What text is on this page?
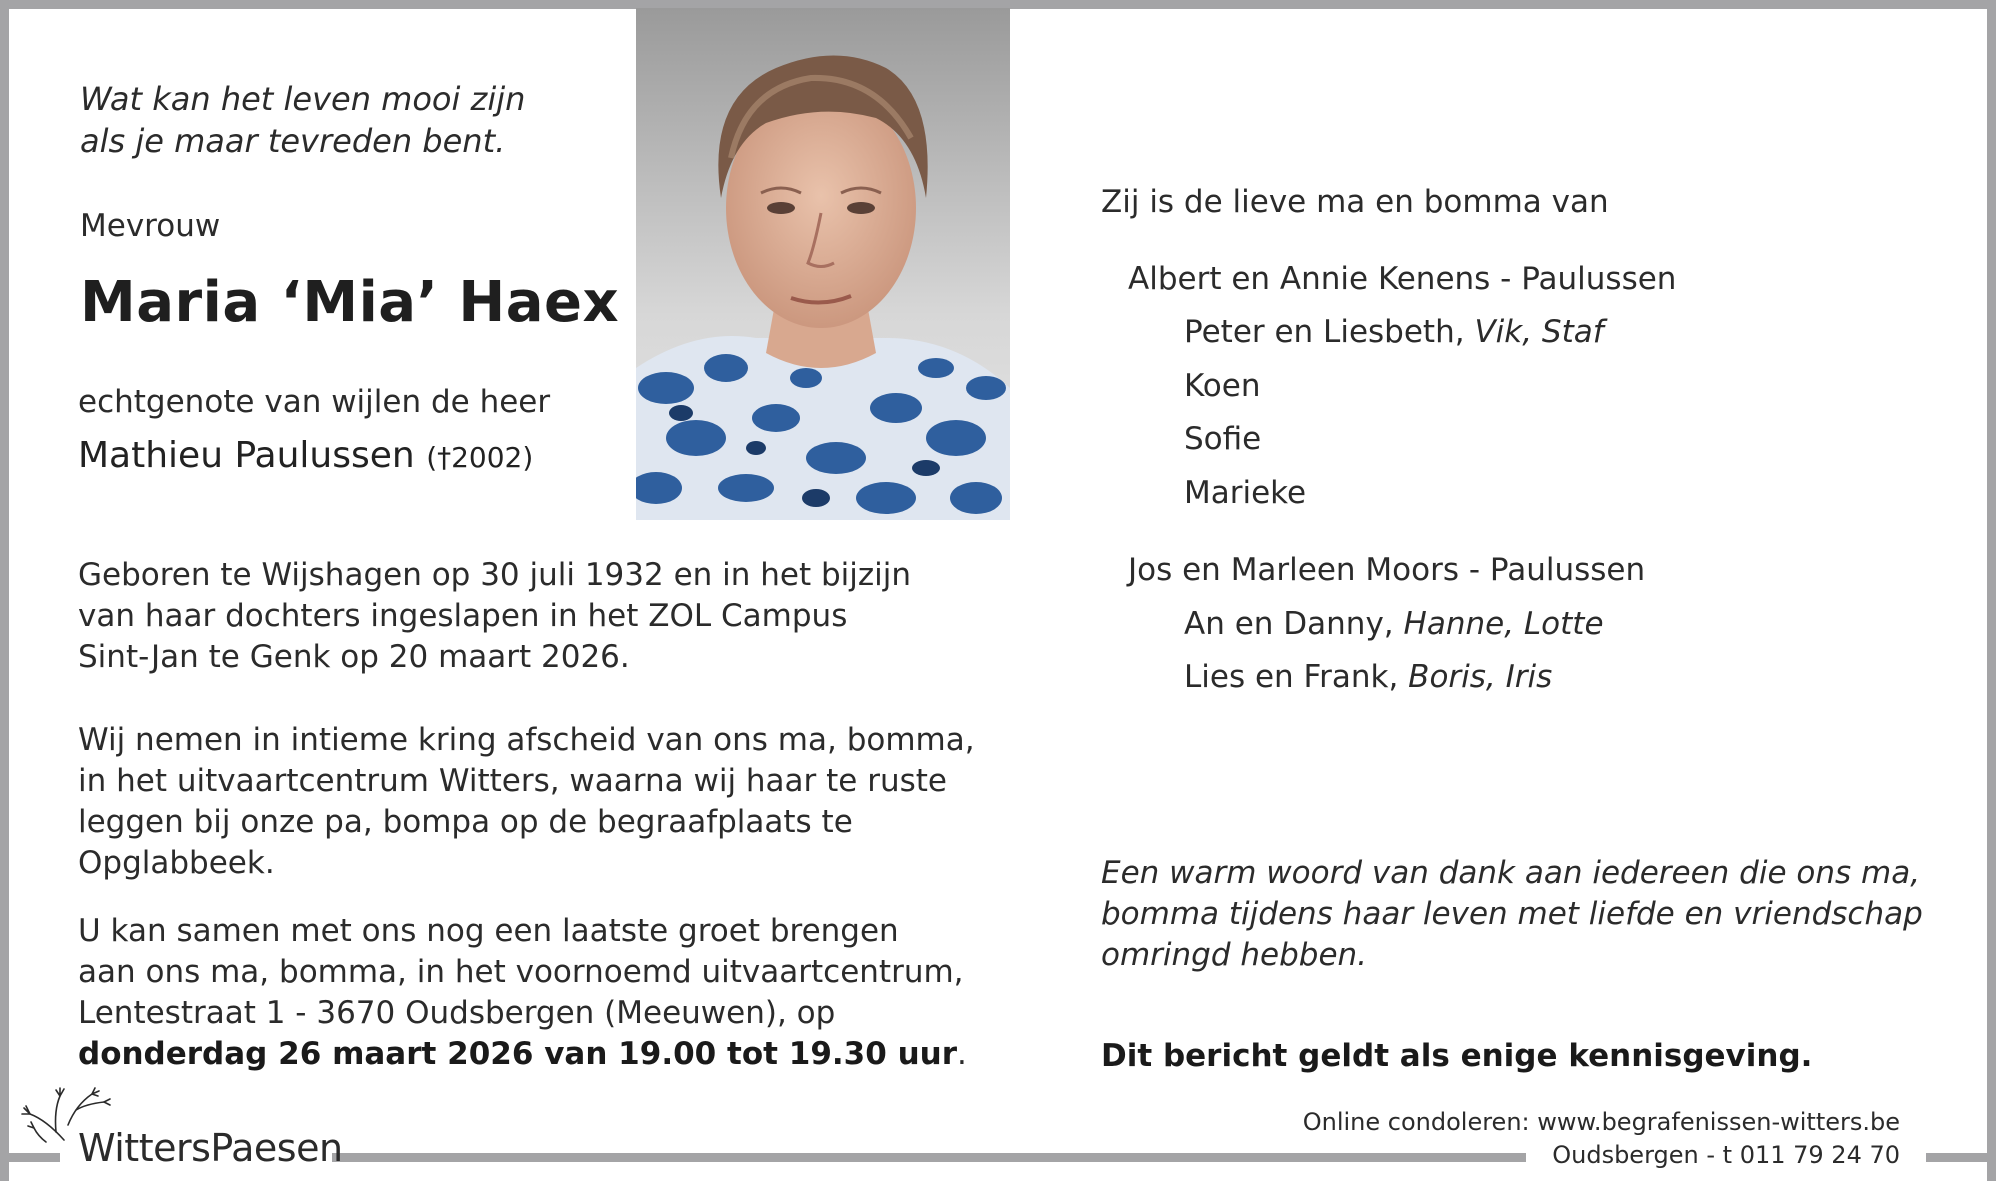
Wat kan het leven mooi zijn
als je maar tevreden bent.
Mevrouw
Maria ‘Mia’ Haex
echtgenote van wijlen de heer
Mathieu Paulussen (†2002)
Geboren te Wijshagen op 30 juli 1932 en in het bijzijn
van haar dochters ingeslapen in het ZOL Campus
Sint-Jan te Genk op 20 maart 2026.
Wij nemen in intieme kring afscheid van ons ma, bomma,
in het uitvaartcentrum Witters, waarna wij haar te ruste
leggen bij onze pa, bompa op de begraafplaats te
Opglabbeek.
U kan samen met ons nog een laatste groet brengen
aan ons ma, bomma, in het voornoemd uitvaartcentrum,
Lentestraat 1 - 3670 Oudsbergen (Meeuwen), op
donderdag 26 maart 2026 van 19.00 tot 19.30 uur.
Zij is de lieve ma en bomma van
Albert en Annie Kenens - Paulussen
Peter en Liesbeth, Vik, Staf
Koen
Sofie
Marieke
Jos en Marleen Moors - Paulussen
An en Danny, Hanne, Lotte
Lies en Frank, Boris, Iris
Een warm woord van dank aan iedereen die ons ma,
bomma tijdens haar leven met liefde en vriendschap
omringd hebben.
Dit bericht geldt als enige kennisgeving.
Online condoleren: www.begrafenissen-witters.be
Oudsbergen - t 011 79 24 70
WittersPaesen
